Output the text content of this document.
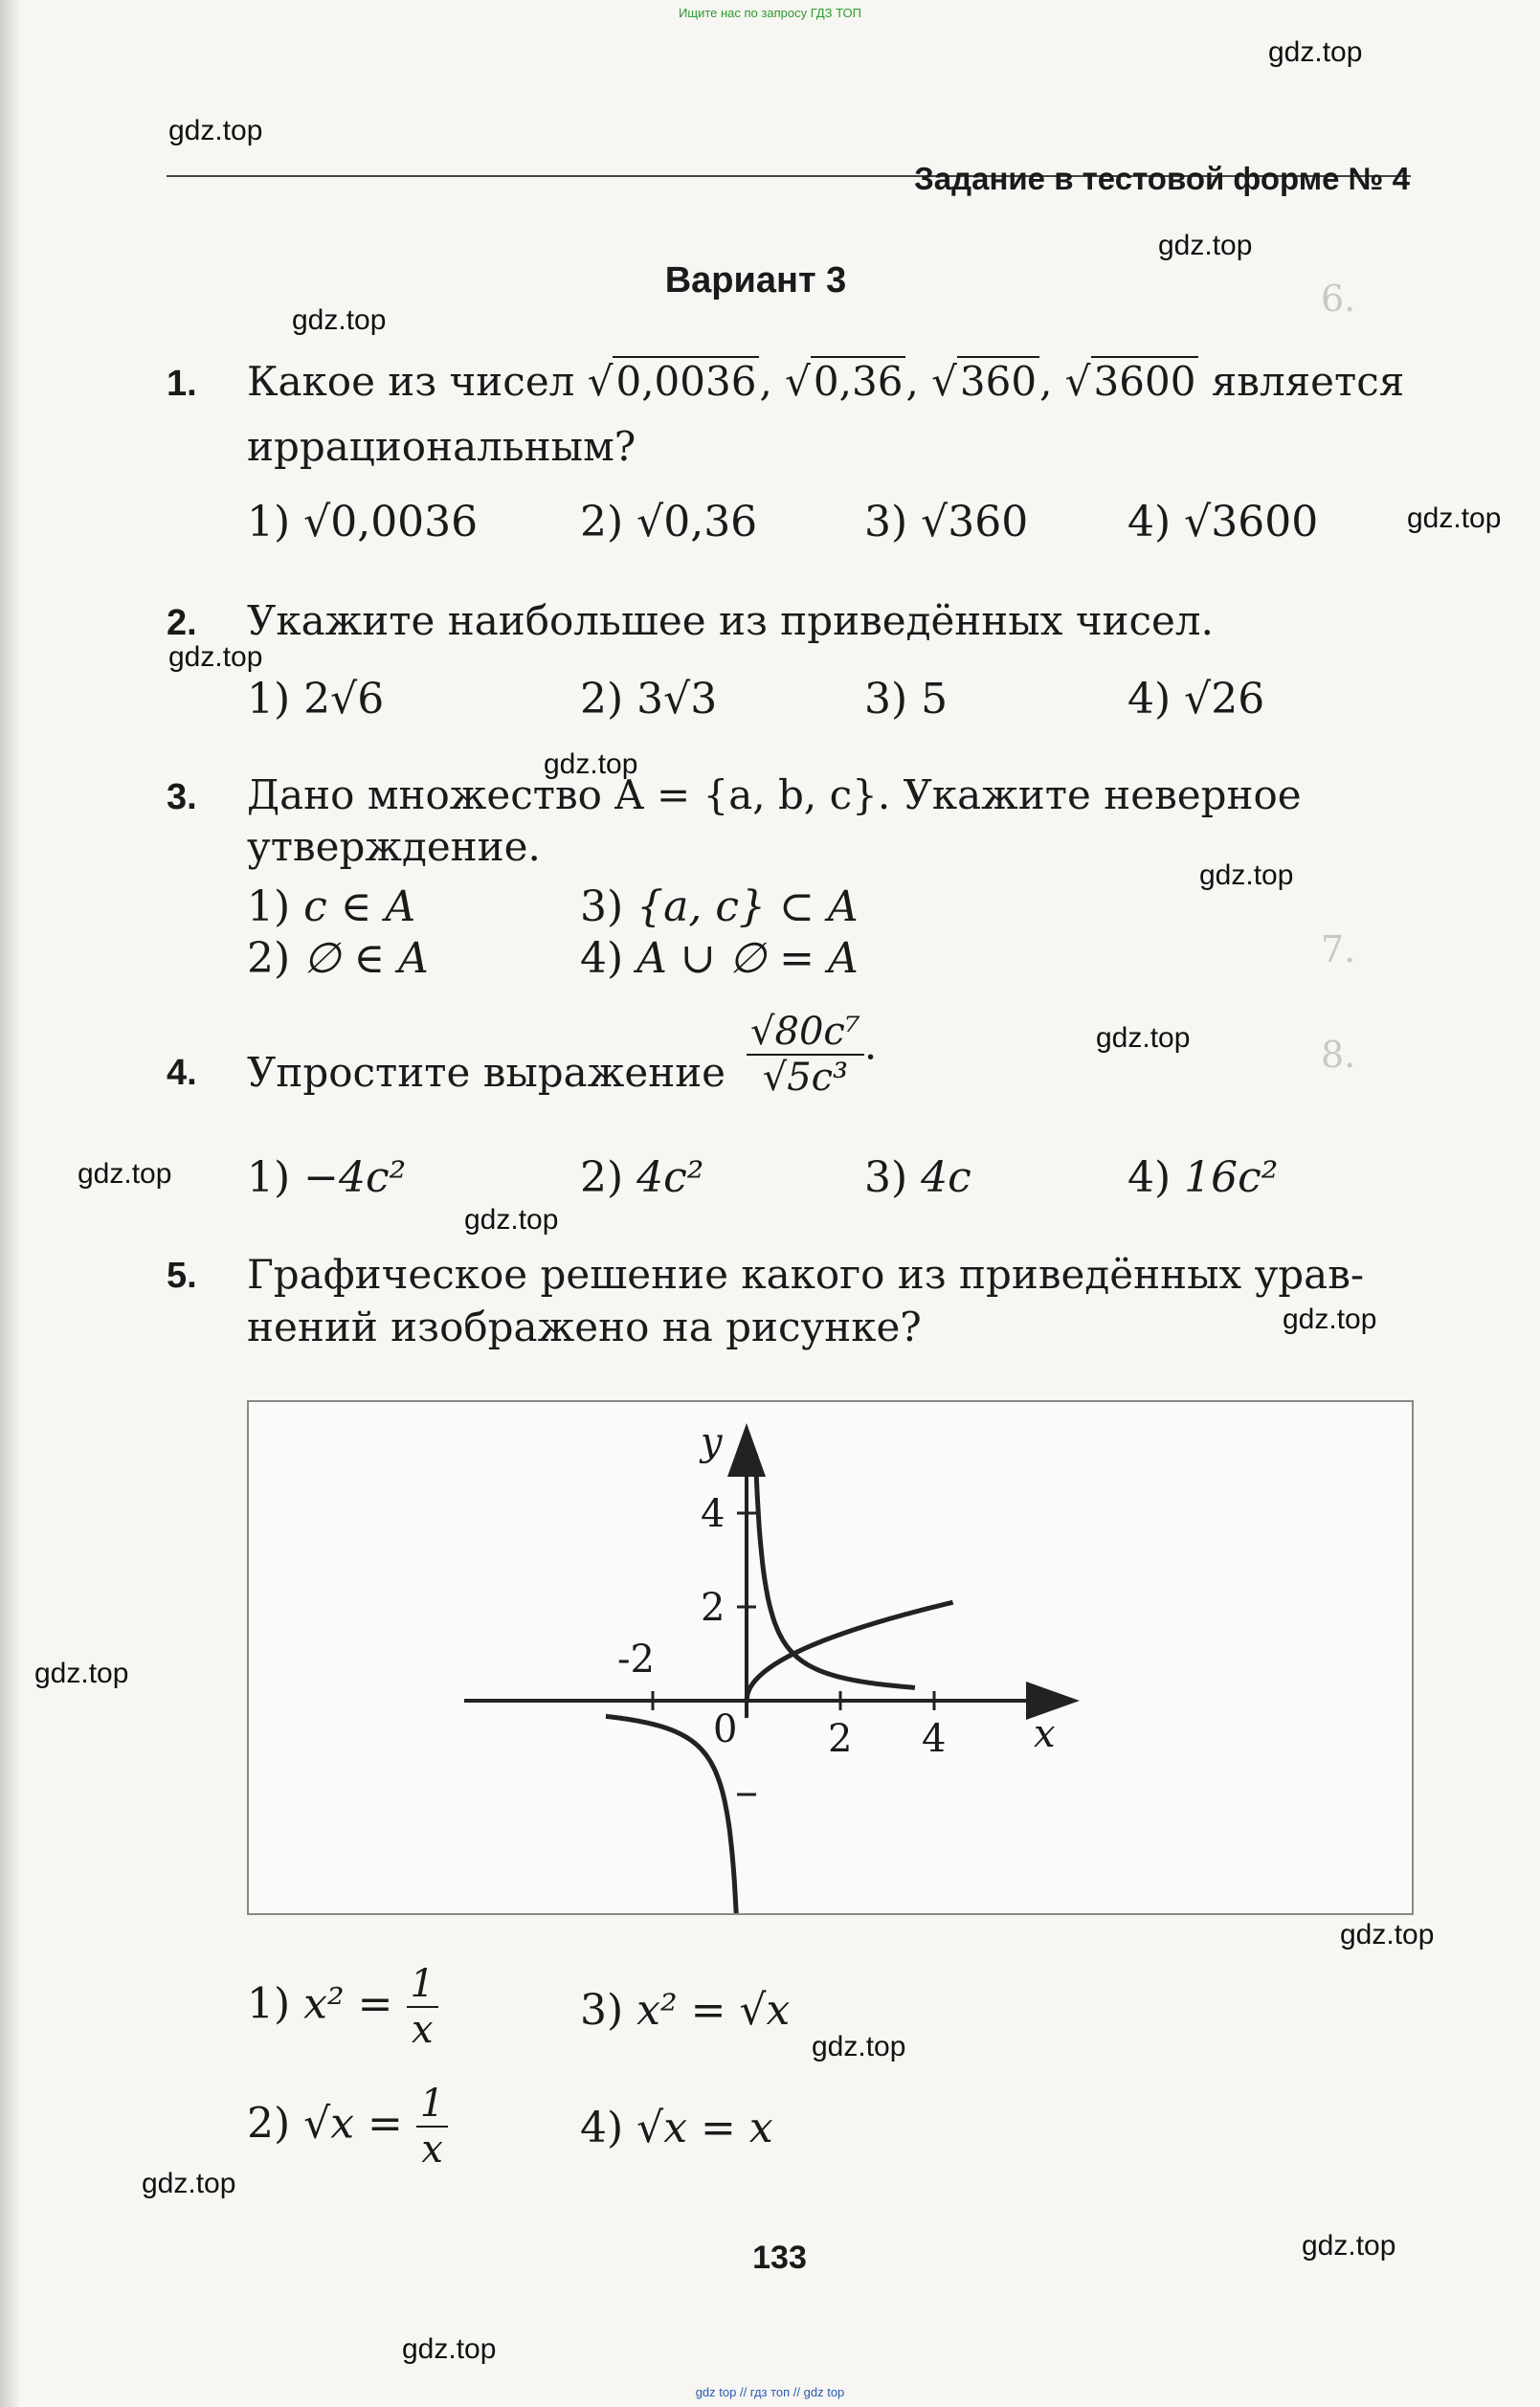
Ищите нас по запросу ГДЗ ТОП
6.
7.
8.
gdz.top
gdz.top
gdz.top
gdz.top
gdz.top
gdz.top
gdz.top
gdz.top
gdz.top
gdz.top
gdz.top
gdz.top
gdz.top
gdz.top
gdz.top
gdz.top
gdz.top
gdz.top
Задание в тестовой форме № 4
Вариант 3
1. Какое из чисел √0,0036, √0,36, √360, √3600 является
иррациональным?
1) √0,0036 2) √0,36	3) √360 4) √3600
2. Укажите наибольшее из приведённых чисел.
1) 2√6	2) 3√3	3) 5	4) √26
3. Дано множество A = {a, b, c}. Укажите неверное
утверждение.
1) c ∈ A	3) {a, c} ⊂ A
2) ∅ ∈ A	4) A ∪ ∅ = A
4. Упростите выражение $\frac{\text{√80c⁷}}{\text{√5c³}}$ .
1) −4c²	2) 4c²	3) 4c	4) 16c²
5. Графическое решение какого из приведённых урав-
нений изображено на рисунке?
y
x
0
-2
2 4
4
2
1) $x^2 = \frac{1}{x}$	3) x² = √x
2) $√x = \frac{1}{x}$	4) √x = x
133
gdz top // гдз топ // gdz top
